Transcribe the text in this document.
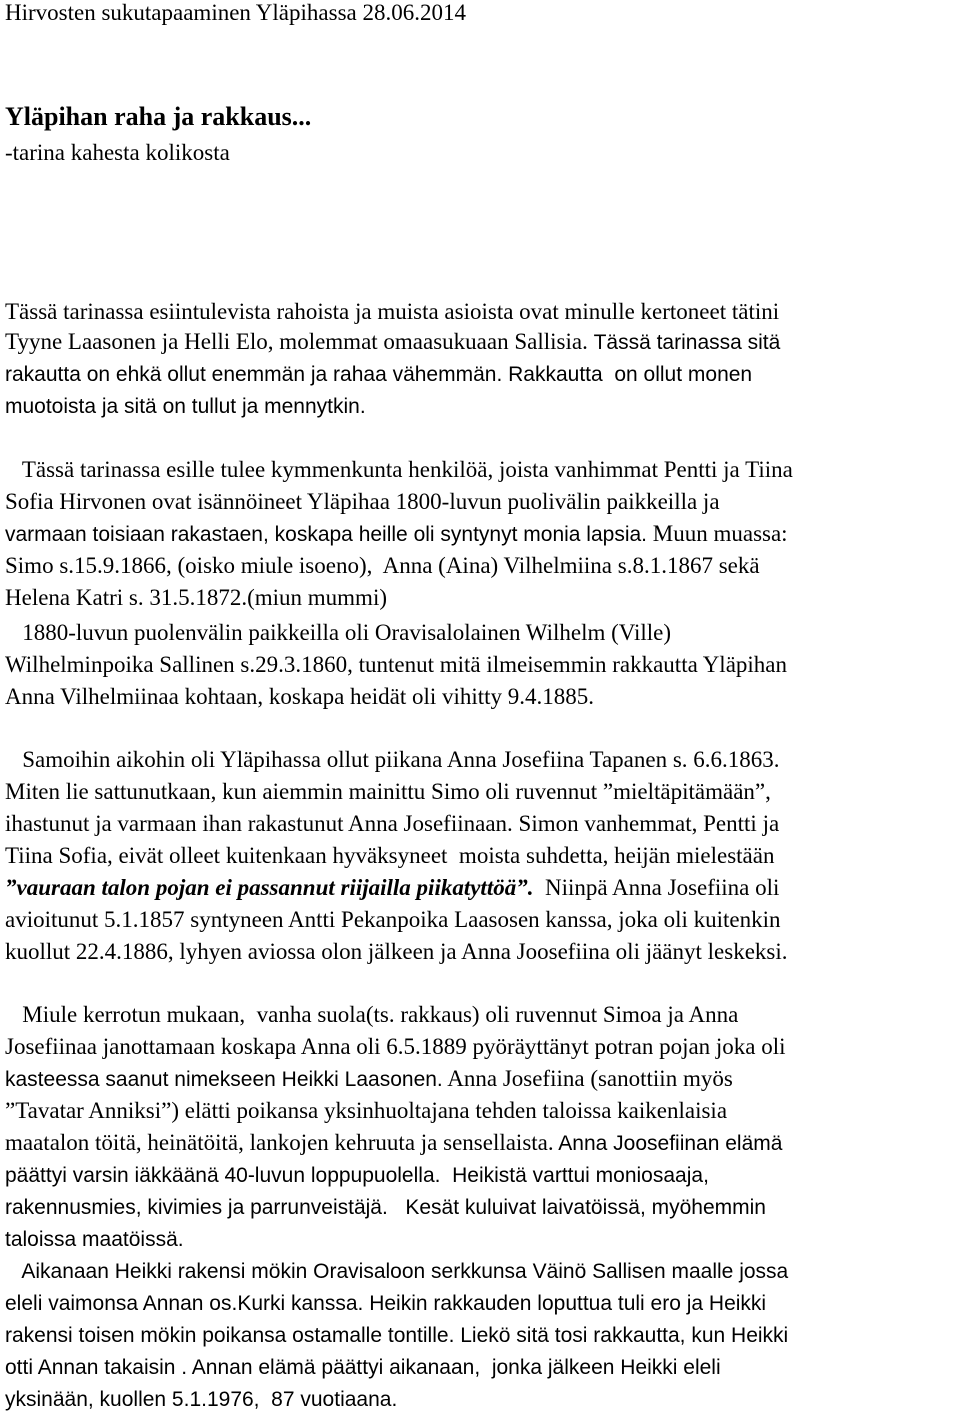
Hirvosten sukutapaaminen Yläpihassa 28.06.2014
Yläpihan raha ja rakkaus...
-tarina kahesta kolikosta
Tässä tarinassa esiintulevista rahoista ja muista asioista ovat minulle kertoneet tätini
Tyyne Laasonen ja Helli Elo, molemmat omaasukuaan Sallisia. Tässä tarinassa sitä
rakautta on ehkä ollut enemmän ja rahaa vähemmän. Rakkautta  on ollut monen
muotoista ja sitä on tullut ja mennytkin.
Tässä tarinassa esille tulee kymmenkunta henkilöä, joista vanhimmat Pentti ja Tiina
Sofia Hirvonen ovat isännöineet Yläpihaa 1800-luvun puolivälin paikkeilla ja
varmaan toisiaan rakastaen, koskapa heille oli syntynyt monia lapsia. Muun muassa:
Simo s.15.9.1866, (oisko miule isoeno),  Anna (Aina) Vilhelmiina s.8.1.1867 sekä
Helena Katri s. 31.5.1872.(miun mummi)
1880-luvun puolenvälin paikkeilla oli Oravisalolainen Wilhelm (Ville)
Wilhelminpoika Sallinen s.29.3.1860, tuntenut mitä ilmeisemmin rakkautta Yläpihan
Anna Vilhelmiinaa kohtaan, koskapa heidät oli vihitty 9.4.1885.
Samoihin aikohin oli Yläpihassa ollut piikana Anna Josefiina Tapanen s. 6.6.1863.
Miten lie sattunutkaan, kun aiemmin mainittu Simo oli ruvennut ”mieltäpitämään”,
ihastunut ja varmaan ihan rakastunut Anna Josefiinaan. Simon vanhemmat, Pentti ja
Tiina Sofia, eivät olleet kuitenkaan hyväksyneet  moista suhdetta, heijän mielestään
”vauraan talon pojan ei passannut riijailla piikatyttöä”.  Niinpä Anna Josefiina oli
avioitunut 5.1.1857 syntyneen Antti Pekanpoika Laasosen kanssa, joka oli kuitenkin
kuollut 22.4.1886, lyhyen aviossa olon jälkeen ja Anna Joosefiina oli jäänyt leskeksi.
Miule kerrotun mukaan,  vanha suola(ts. rakkaus) oli ruvennut Simoa ja Anna
Josefiinaa janottamaan koskapa Anna oli 6.5.1889 pyöräyttänyt potran pojan joka oli
kasteessa saanut nimekseen Heikki Laasonen. Anna Josefiina (sanottiin myös
”Tavatar Anniksi”) elätti poikansa yksinhuoltajana tehden taloissa kaikenlaisia
maatalon töitä, heinätöitä, lankojen kehruuta ja sensellaista. Anna Joosefiinan elämä
päättyi varsin iäkkäänä 40-luvun loppupuolella.  Heikistä varttui moniosaaja,
rakennusmies, kivimies ja parrunveistäjä.   Kesät kuluivat laivatöissä, myöhemmin
taloissa maatöissä.
Aikanaan Heikki rakensi mökin Oravisaloon serkkunsa Väinö Sallisen maalle jossa
eleli vaimonsa Annan os.Kurki kanssa. Heikin rakkauden loputtua tuli ero ja Heikki
rakensi toisen mökin poikansa ostamalle tontille. Liekö sitä tosi rakkautta, kun Heikki
otti Annan takaisin . Annan elämä päättyi aikanaan,  jonka jälkeen Heikki eleli
yksinään, kuollen 5.1.1976,  87 vuotiaana.
